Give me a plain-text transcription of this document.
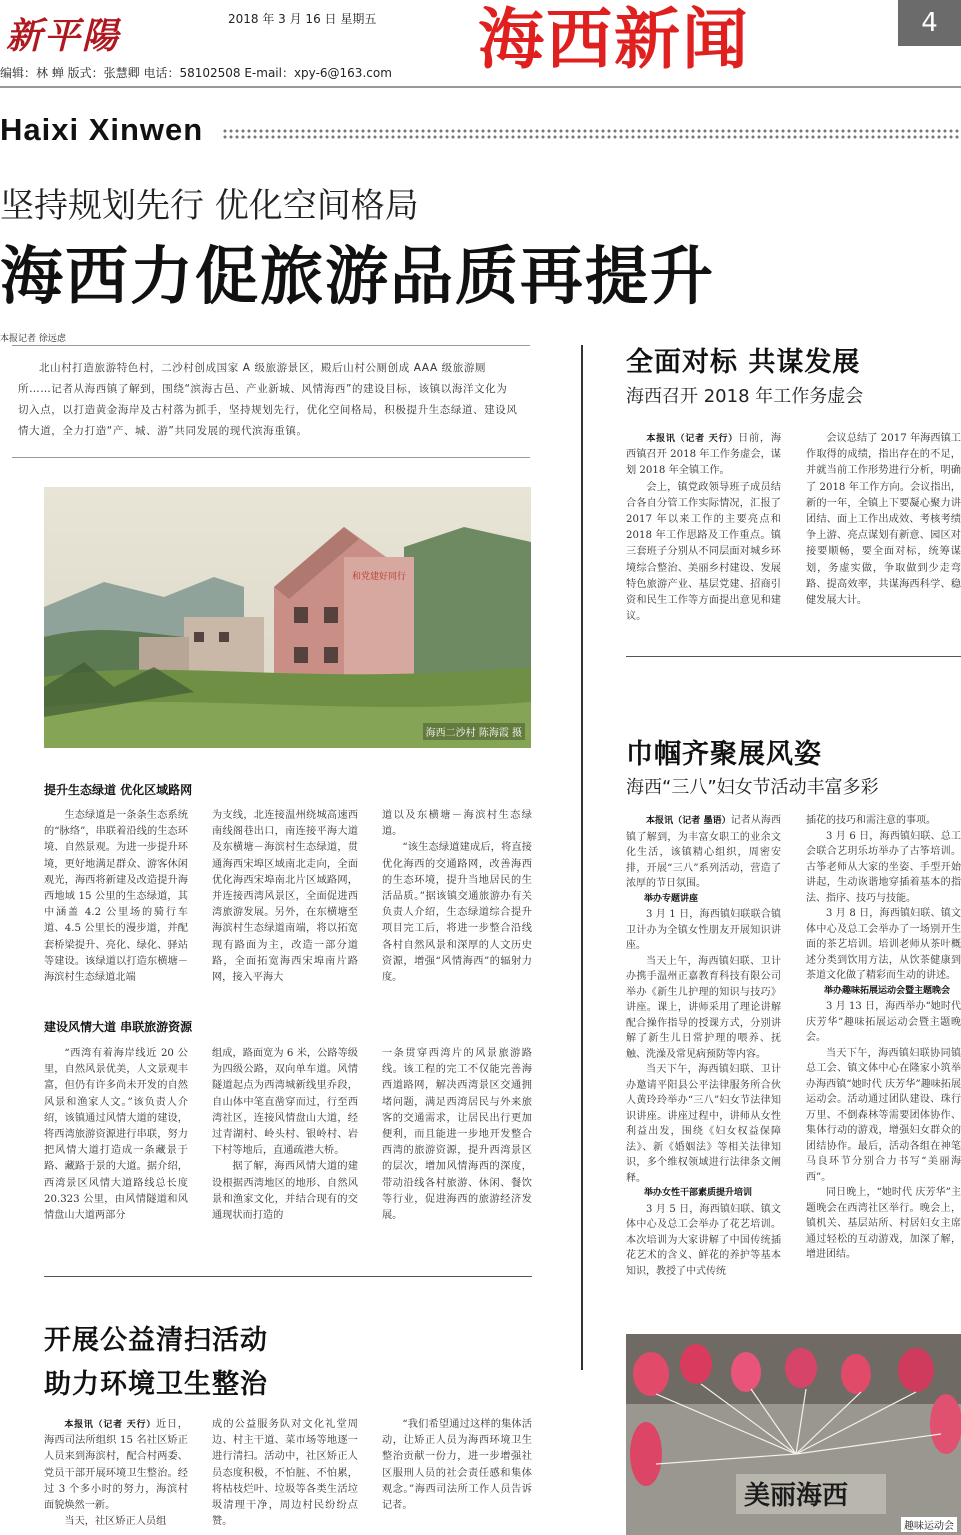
新平陽	2018 年 3 月 16 日 星期五 海西新闻	4
编辑：林 蝉 版式：张慧卿 电话：58102508 E-mail：xpy-6@163.com
Haixi Xinwen
坚持规划先行 优化空间格局
海西力促旅游品质再提升
本报记者 徐远虑
北山村打造旅游特色村，二沙村创成国家 A 级旅游景区，殿后山村公厕创成 AAA 级旅游厕所……记者从海西镇了解到，围绕“滨海古邑、产业新城、风情海西”的建设目标，该镇以海洋文化为切入点，以打造黄金海岸及古村落为抓手，坚持规划先行，优化空间格局，积极提升生态绿道、建设风情大道，全力打造“产、城、游”共同发展的现代滨海重镇。
和党建好同行
海西二沙村 陈海霞 摄
提升生态绿道 优化区域路网

生态绿道是一条条生态系统的“脉络”，串联着沿线的生态环境、自然景观。为进一步提升环境，更好地满足群众、游客休闲观光，海西将新建及改造提升海西地域 15 公里的生态绿道，其中涵盖 4.2 公里场的骑行车道、4.5 公里长的漫步道，并配套桥梁提升、亮化、绿化、驿站等建设。该绿道以打造东横塘－海滨村生态绿道北端

为支线，北连接温州绕城高速西南线阁巷出口，南连接平海大道及东横塘－海滨村生态绿道，贯通海西宋埠区域南北走向，全面优化海西宋埠南北片区域路网，并连接西湾风景区，全面促进西湾旅游发展。另外，在东横塘至海滨村生态绿道南端，将以拓宽现有路面为主，改造一部分道路，全面拓宽海西宋埠南片路网，接入平海大

道以及东横塘－海滨村生态绿道。

“该生态绿道建成后，将直接优化海西的交通路网，改善海西的生态环境，提升当地居民的生活品质。”据该镇交通旅游办有关负责人介绍，生态绿道综合提升项目完工后，将进一步整合沿线各村自然风景和深厚的人文历史资源，增强“风情海西”的辐射力度。

建设风情大道 串联旅游资源

“西湾有着海岸线近 20 公里，自然风景优美，人文景观丰富，但仍有许多尚未开发的自然风景和渔家人文。”该负责人介绍，该镇通过风情大道的建设，将西湾旅游资源进行串联，努力把风情大道打造成一条藏景于路、藏路于景的大道。据介绍，西湾景区风情大道路线总长度 20.323 公里，由风情隧道和风情盘山大道两部分

组成，路面宽为 6 米，公路等级为四级公路，双向单车道。风情隧道起点为西湾城新线里乔段，自山体中笔直凿穿而过，行至西湾社区，连接风情盘山大道，经过青湖村、岭头村、银岭村、岩下村等地后，直通疏港大桥。

据了解，海西风情大道的建设根据西湾地区的地形、自然风景和渔家文化，并结合现有的交通现状而打造的

一条贯穿西湾片的风景旅游路线。该工程的完工不仅能完善海西道路网，解决西湾景区交通拥堵问题，满足西湾居民与外来旅客的交通需求，让居民出行更加便利，而且能进一步地开发整合西湾的旅游资源，提升西湾景区的层次，增加风情海西的深度，带动沿线各村旅游、休闲、餐饮等行业，促进海西的旅游经济发展。

开展公益清扫活动
助力环境卫生整治

本报讯（记者 天行）近日，海西司法所组织 15 名社区矫正人员来到海滨村，配合村两委、党员干部开展环境卫生整治。经过 3 个多小时的努力，海滨村面貌焕然一新。

当天，社区矫正人员组

成的公益服务队对文化礼堂周边、村主干道、菜市场等地逐一进行清扫。活动中，社区矫正人员态度积极，不怕脏、不怕累，将枯枝烂叶、垃圾等各类生活垃圾清理干净，周边村民纷纷点赞。

“我们希望通过这样的集体活动，让矫正人员为海西环境卫生整治贡献一份力，进一步增强社区服刑人员的社会责任感和集体观念。”海西司法所工作人员告诉记者。

全面对标 共谋发展
海西召开 2018 年工作务虚会

本报讯（记者 天行）日前，海西镇召开 2018 年工作务虚会，谋划 2018 年全镇工作。

会上，镇党政领导班子成员结合各自分管工作实际情况，汇报了 2017 年以来工作的主要亮点和 2018 年工作思路及工作重点。镇三套班子分别从不同层面对城乡环境综合整治、美丽乡村建设、发展特色旅游产业、基层党建、招商引资和民生工作等方面提出意见和建议。

会议总结了 2017 年海西镇工作取得的成绩，指出存在的不足，并就当前工作形势进行分析，明确了 2018 年工作方向。会议指出，新的一年，全镇上下要凝心聚力讲团结、面上工作出成效、考核考绩争上游、亮点谋划有新意、园区对接要顺畅，要全面对标，统筹谋划，务虚实做，争取做到少走弯路、提高效率，共谋海西科学、稳健发展大计。

巾帼齐聚展风姿
海西“三八”妇女节活动丰富多彩

本报讯（记者 墨语）记者从海西镇了解到，为丰富女职工的业余文化生活，该镇精心组织，周密安排，开展“三八”系列活动，营造了浓厚的节日氛围。

举办专题讲座

3 月 1 日，海西镇妇联联合镇卫计办为全镇女性朋友开展知识讲座。

当天上午，海西镇妇联、卫计办携手温州正嘉教育科技有限公司举办《新生儿护理的知识与技巧》讲座。课上，讲师采用了理论讲解配合操作指导的授课方式，分别讲解了新生儿日常护理的喂养、抚触、洗澡及常见病预防等内容。

当天下午，海西镇妇联、卫计办邀请平阳县公平法律服务所合伙人黄玲玲举办“三八”妇女节法律知识讲座。讲座过程中，讲师从女性利益出发，围绕《妇女权益保障法》、新《婚姻法》等相关法律知识，多个维权领域进行法律条文阐释。

举办女性干部素质提升培训

3 月 5 日，海西镇妇联、镇文体中心及总工会举办了花艺培训。本次培训为大家讲解了中国传统插花艺术的含义、鲜花的养护等基本知识，教授了中式传统

插花的技巧和需注意的事项。

3 月 6 日，海西镇妇联、总工会联合艺玥乐坊举办了古筝培训。古筝老师从大家的坐姿、手型开始讲起，生动诙谐地穿插着基本的指法、指序、技巧与技能。

3 月 8 日，海西镇妇联、镇文体中心及总工会举办了一场别开生面的茶艺培训。培训老师从茶叶概述分类到饮用方法，从饮茶健康到茶道文化做了精彩而生动的讲述。

举办趣味拓展运动会暨主题晚会

3 月 13 日，海西举办“她时代 庆芳华”趣味拓展运动会暨主题晚会。

当天下午，海西镇妇联协同镇总工会、镇文体中心在隆家小筑举办海西镇“她时代 庆芳华”趣味拓展运动会。活动通过团队建设、珠行万里、不倒森林等需要团体协作、集体行动的游戏，增强妇女群众的团结协作。最后，活动各组在神笔马良环节分别合力书写“美丽海西”。

同日晚上，“她时代 庆芳华”主题晚会在西湾社区举行。晚会上，镇机关、基层站所、村居妇女主席通过轻松的互动游戏，加深了解，增进团结。

美丽海西
趣味运动会
